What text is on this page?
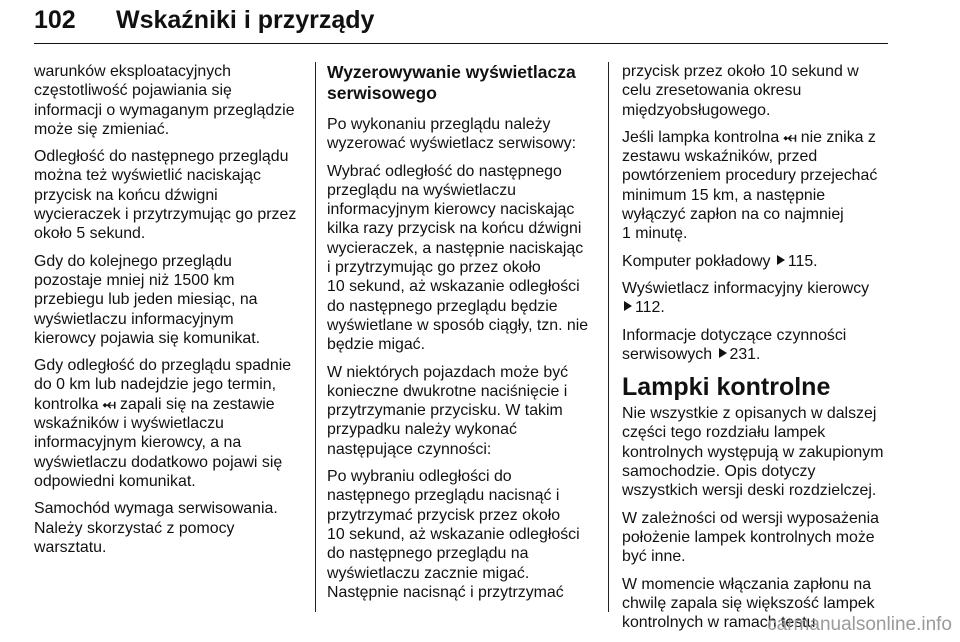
102 Wskaźniki i przyrządy

warunków eksploatacyjnych
częstotliwość pojawiania się
informacji o wymaganym przeglądzie
może się zmieniać.

Odległość do następnego przeglądu
można też wyświetlić naciskając
przycisk na końcu dźwigni
wycieraczek i przytrzymując go przez
około 5 sekund.

Gdy do kolejnego przeglądu
pozostaje mniej niż 1500 km
przebiegu lub jeden miesiąc, na
wyświetlaczu informacyjnym
kierowcy pojawia się komunikat.

Gdy odległość do przeglądu spadnie
do 0 km lub nadejdzie jego termin,
kontrolka ⤟ zapali się na zestawie
wskaźników i wyświetlaczu
informacyjnym kierowcy, a na
wyświetlaczu dodatkowo pojawi się
odpowiedni komunikat.

Samochód wymaga serwisowania.
Należy skorzystać z pomocy
warsztatu.

Wyzerowywanie wyświetlacza
serwisowego

Po wykonaniu przeglądu należy
wyzerować wyświetlacz serwisowy:

Wybrać odległość do następnego
przeglądu na wyświetlaczu
informacyjnym kierowcy naciskając
kilka razy przycisk na końcu dźwigni
wycieraczek, a następnie naciskając
i przytrzymując go przez około
10 sekund, aż wskazanie odległości
do następnego przeglądu będzie
wyświetlane w sposób ciągły, tzn. nie
będzie migać.

W niektórych pojazdach może być
konieczne dwukrotne naciśnięcie i
przytrzymanie przycisku. W takim
przypadku należy wykonać
następujące czynności:

Po wybraniu odległości do
następnego przeglądu nacisnąć i
przytrzymać przycisk przez około
10 sekund, aż wskazanie odległości
do następnego przeglądu na
wyświetlaczu zacznie migać.
Następnie nacisnąć i przytrzymać

przycisk przez około 10 sekund w
celu zresetowania okresu
międzyobsługowego.

Jeśli lampka kontrolna ⤟ nie znika z
zestawu wskaźników, przed
powtórzeniem procedury przejechać
minimum 15 km, a następnie
wyłączyć zapłon na co najmniej
1 minutę.

Komputer pokładowy 115.

Wyświetlacz informacyjny kierowcy
112.

Informacje dotyczące czynności
serwisowych 231.

Lampki kontrolne

Nie wszystkie z opisanych w dalszej
części tego rozdziału lampek
kontrolnych występują w zakupionym
samochodzie. Opis dotyczy
wszystkich wersji deski rozdzielczej.

W zależności od wersji wyposażenia
położenie lampek kontrolnych może
być inne.

W momencie włączania zapłonu na
chwilę zapala się większość lampek
kontrolnych w ramach testu.

carmanualsonline.info
